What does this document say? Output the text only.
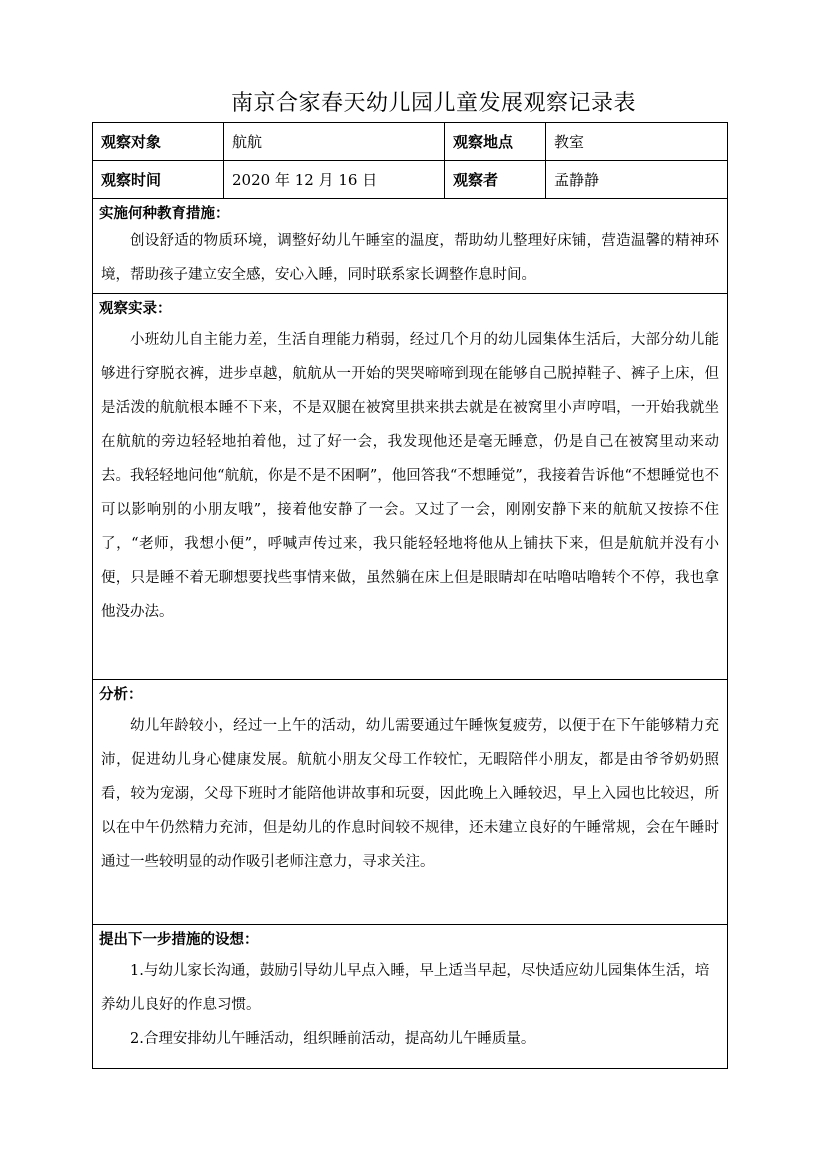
南京合家春天幼儿园儿童发展观察记录表
观察对象	航航	观察地点	教室
观察时间	2020 年 12 月 16 日	观察者	孟静静
实施何种教育措施：
创设舒适的物质环境，调整好幼儿午睡室的温度，帮助幼儿整理好床铺，营造温馨的精神环境，帮助孩子建立安全感，安心入睡，同时联系家长调整作息时间。
观察实录：
小班幼儿自主能力差，生活自理能力稍弱，经过几个月的幼儿园集体生活后，大部分幼儿能够进行穿脱衣裤，进步卓越，航航从一开始的哭哭啼啼到现在能够自己脱掉鞋子、裤子上床，但是活泼的航航根本睡不下来，不是双腿在被窝里拱来拱去就是在被窝里小声哼唱，一开始我就坐在航航的旁边轻轻地拍着他，过了好一会，我发现他还是毫无睡意，仍是自己在被窝里动来动去。我轻轻地问他“航航，你是不是不困啊”，他回答我“不想睡觉”，我接着告诉他“不想睡觉也不可以影响别的小朋友哦”，接着他安静了一会。又过了一会，刚刚安静下来的航航又按捺不住了，“老师，我想小便”，呼喊声传过来，我只能轻轻地将他从上铺扶下来，但是航航并没有小便，只是睡不着无聊想要找些事情来做，虽然躺在床上但是眼睛却在咕噜咕噜转个不停，我也拿他没办法。
分析：
幼儿年龄较小，经过一上午的活动，幼儿需要通过午睡恢复疲劳，以便于在下午能够精力充沛，促进幼儿身心健康发展。航航小朋友父母工作较忙，无暇陪伴小朋友，都是由爷爷奶奶照看，较为宠溺，父母下班时才能陪他讲故事和玩耍，因此晚上入睡较迟，早上入园也比较迟，所以在中午仍然精力充沛，但是幼儿的作息时间较不规律，还未建立良好的午睡常规，会在午睡时通过一些较明显的动作吸引老师注意力，寻求关注。
提出下一步措施的设想：
1.与幼儿家长沟通，鼓励引导幼儿早点入睡，早上适当早起，尽快适应幼儿园集体生活，培养幼儿良好的作息习惯。
2.合理安排幼儿午睡活动，组织睡前活动，提高幼儿午睡质量。
